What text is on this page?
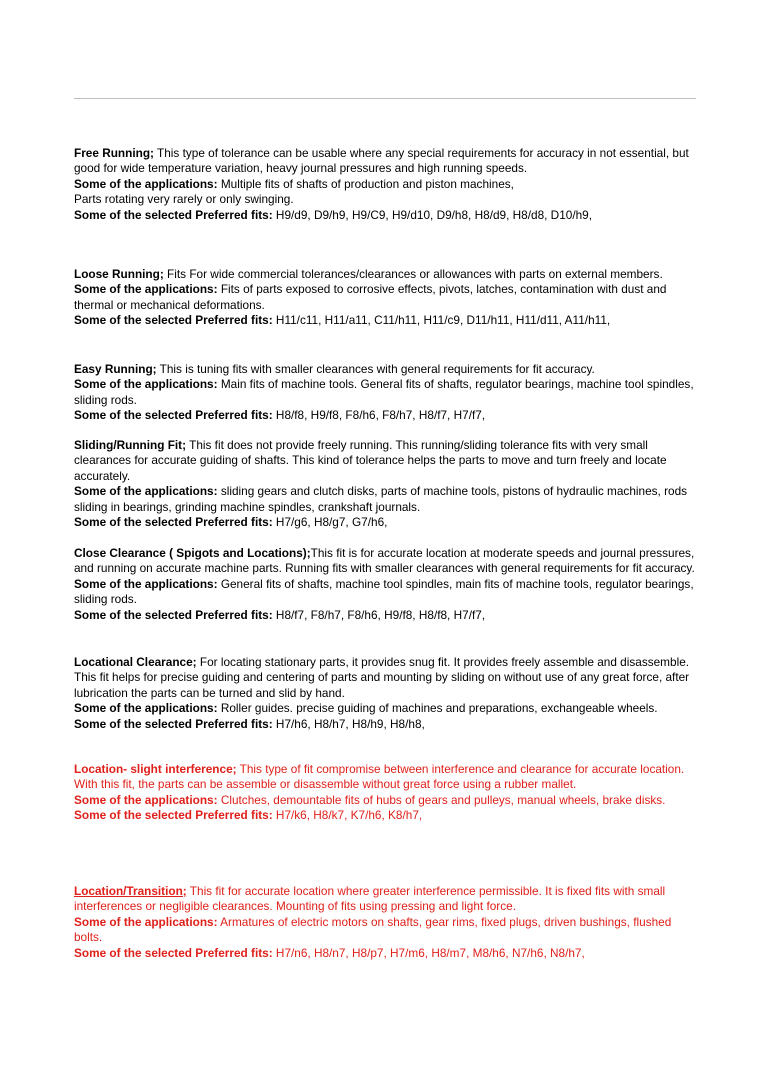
Free Running; This type of tolerance can be usable where any special requirements for accuracy in not essential, but good for wide temperature variation, heavy journal pressures and high running speeds.

Some of the applications: Multiple fits of shafts of production and piston machines,

Parts rotating very rarely or only swinging.

Some of the selected Preferred fits: H9/d9, D9/h9, H9/C9, H9/d10, D9/h8, H8/d9, H8/d8, D10/h9,

Loose Running; Fits For wide commercial tolerances/clearances or allowances with parts on external members.

Some of the applications: Fits of parts exposed to corrosive effects, pivots, latches, contamination with dust and thermal or mechanical deformations.

Some of the selected Preferred fits: H11/c11, H11/a11, C11/h11, H11/c9, D11/h11, H11/d11, A11/h11,

Easy Running; This is tuning fits with smaller clearances with general requirements for fit accuracy.

Some of the applications: Main fits of machine tools. General fits of shafts, regulator bearings, machine tool spindles, sliding rods.

Some of the selected Preferred fits: H8/f8, H9/f8, F8/h6, F8/h7, H8/f7, H7/f7,

Sliding/Running Fit; This fit does not provide freely running. This running/sliding tolerance fits with very small clearances for accurate guiding of shafts. This kind of tolerance helps the parts to move and turn freely and locate accurately.

Some of the applications: sliding gears and clutch disks, parts of machine tools, pistons of hydraulic machines, rods sliding in bearings, grinding machine spindles, crankshaft journals.

Some of the selected Preferred fits: H7/g6, H8/g7, G7/h6,

Close Clearance ( Spigots and Locations);This fit is for accurate location at moderate speeds and journal pressures, and running on accurate machine parts. Running fits with smaller clearances with general requirements for fit accuracy.

Some of the applications: General fits of shafts, machine tool spindles, main fits of machine tools, regulator bearings, sliding rods.

Some of the selected Preferred fits: H8/f7, F8/h7, F8/h6, H9/f8, H8/f8, H7/f7,

Locational Clearance; For locating stationary parts, it provides snug fit. It provides freely assemble and disassemble. This fit helps for precise guiding and centering of parts and mounting by sliding on without use of any great force, after lubrication the parts can be turned and slid by hand.

Some of the applications: Roller guides. precise guiding of machines and preparations, exchangeable wheels.

Some of the selected Preferred fits: H7/h6, H8/h7, H8/h9, H8/h8,

Location- slight interference; This type of fit compromise between interference and clearance for accurate location. With this fit, the parts can be assemble or disassemble without great force using a rubber mallet.

Some of the applications: Clutches, demountable fits of hubs of gears and pulleys, manual wheels, brake disks.

Some of the selected Preferred fits: H7/k6, H8/k7, K7/h6, K8/h7,

Location/Transition; This fit for accurate location where greater interference permissible. It is fixed fits with small interferences or negligible clearances. Mounting of fits using pressing and light force.

Some of the applications: Armatures of electric motors on shafts, gear rims, fixed plugs, driven bushings, flushed bolts.

Some of the selected Preferred fits: H7/n6, H8/n7, H8/p7, H7/m6, H8/m7, M8/h6, N7/h6, N8/h7,
